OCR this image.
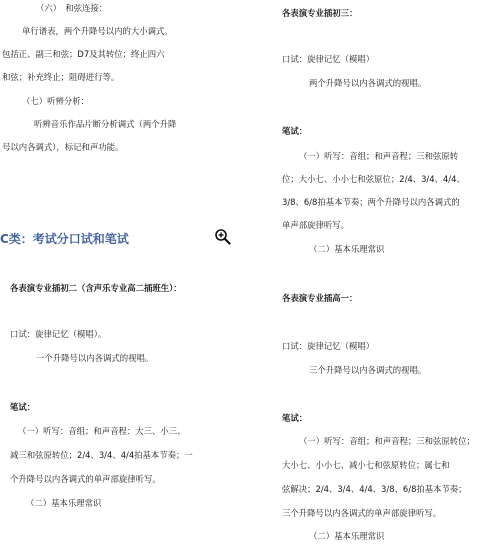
（六）　和弦连接：
单行谱表，两个升降号以内的大小调式。
包括正、副三和弦；D7及其转位；终止四六
和弦；补充终止；阻碍进行等。
（七）听辨分析：
听辨音乐作品片断分析调式（两个升降
号以内各调式），标记和声功能。
C类：考试分口试和笔试
各表演专业插初二（含声乐专业高二插班生）：
口试：旋律记忆（模唱）。
一个升降号以内各调式的视唱。
笔试：
（一）听写：音组；和声音程：大三、小三、
减三和弦原转位；2/4、3/4、4/4拍基本节奏；一
个升降号以内各调式的单声部旋律听写。
（二）基本乐理常识
各表演专业插初三：
口试：旋律记忆（模唱）
两个升降号以内各调式的视唱。
笔试：
（一）听写：音组；和声音程；三和弦原转
位；大小七、小小七和弦原位；2/4、3/4、4/4、
3/8、6/8拍基本节奏；两个升降号以内各调式的
单声部旋律听写。
（二）基本乐理常识
各表演专业插高一：
口试：旋律记忆（模唱）
三个升降号以内各调式的视唱。
笔试：
（一）听写：音组；和声音程；三和弦原转位；
大小七、小小七、减小七和弦原转位；属七和
弦解决；2/4、3/4、4/4、3/8、6/8拍基本节奏；
三个升降号以内各调式的单声部旋律听写。
（二）基本乐理常识
